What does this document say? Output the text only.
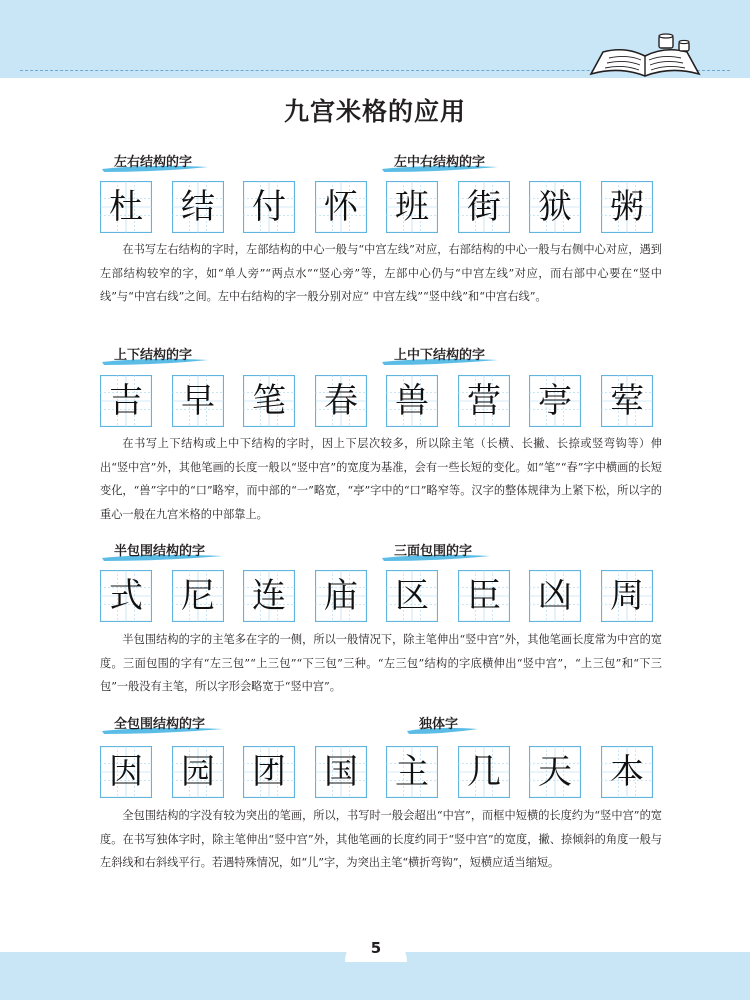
九宫米格的应用
左右结构的字	左中右结构的字
杜 结 付 怀 班 街 狱 粥

在书写左右结构的字时，左部结构的中心一般与“中宫左线”对应，右部结构的中心一般与右侧中心对应，遇到左部结构较窄的字，如“单人旁”“两点水”“竖心旁”等，左部中心仍与“中宫左线”对应，而右部中心要在“竖中线”与“中宫右线”之间。左中右结构的字一般分别对应“ 中宫左线”“竖中线”和“中宫右线”。

上下结构的字	上中下结构的字
吉 早 笔 春 兽 营 亭 荤

在书写上下结构或上中下结构的字时，因上下层次较多，所以除主笔（长横、长撇、长捺或竖弯钩等）伸出“竖中宫”外，其他笔画的长度一般以“竖中宫”的宽度为基准，会有一些长短的变化。如“笔”“春”字中横画的长短变化，“兽”字中的“口”略窄，而中部的“一”略宽，“亭”字中的“口”略窄等。汉字的整体规律为上紧下松，所以字的重心一般在九宫米格的中部靠上。

半包围结构的字	三面包围的字
式 尼 连 庙 区 臣 凶 周

半包围结构的字的主笔多在字的一侧，所以一般情况下，除主笔伸出“竖中宫”外，其他笔画长度常为中宫的宽度。三面包围的字有“左三包”“上三包”“下三包”三种。“左三包”结构的字底横伸出“竖中宫”，“上三包”和“下三包”一般没有主笔，所以字形会略宽于“竖中宫”。

全包围结构的字	独体字
因 园 团 国 主 几 天 本

全包围结构的字没有较为突出的笔画，所以，书写时一般会超出“中宫”，而框中短横的长度约为“竖中宫”的宽度。在书写独体字时，除主笔伸出“竖中宫”外，其他笔画的长度约同于“竖中宫”的宽度，撇、捺倾斜的角度一般与左斜线和右斜线平行。若遇特殊情况，如“儿”字，为突出主笔“横折弯钩”，短横应适当缩短。

5
